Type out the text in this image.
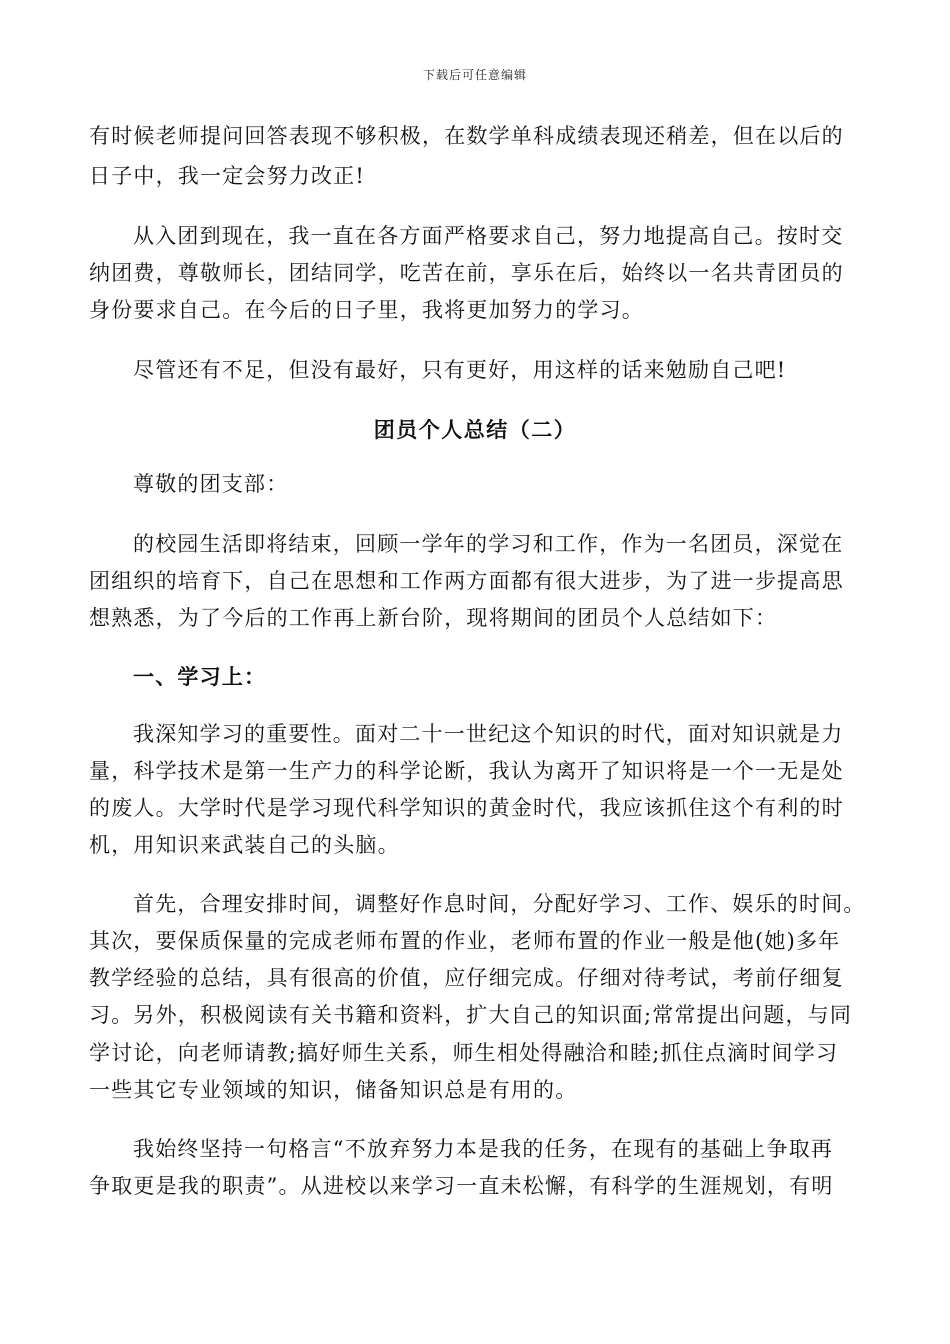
下载后可任意编辑
有时候老师提问回答表现不够积极，在数学单科成绩表现还稍差，但在以后的
日子中，我一定会努力改正!
从入团到现在，我一直在各方面严格要求自己，努力地提高自己。按时交
纳团费，尊敬师长，团结同学，吃苦在前，享乐在后，始终以一名共青团员的
身份要求自己。在今后的日子里，我将更加努力的学习。
尽管还有不足，但没有最好，只有更好，用这样的话来勉励自己吧!
团员个人总结（二）
尊敬的团支部：
的校园生活即将结束，回顾一学年的学习和工作，作为一名团员，深觉在
团组织的培育下，自己在思想和工作两方面都有很大进步，为了进一步提高思
想熟悉，为了今后的工作再上新台阶，现将期间的团员个人总结如下：
一、学习上：
我深知学习的重要性。面对二十一世纪这个知识的时代，面对知识就是力
量，科学技术是第一生产力的科学论断，我认为离开了知识将是一个一无是处
的废人。大学时代是学习现代科学知识的黄金时代，我应该抓住这个有利的时
机，用知识来武装自己的头脑。
首先，合理安排时间，调整好作息时间，分配好学习、工作、娱乐的时间。
其次，要保质保量的完成老师布置的作业，老师布置的作业一般是他(她)多年
教学经验的总结，具有很高的价值，应仔细完成。仔细对待考试，考前仔细复
习。另外，积极阅读有关书籍和资料，扩大自己的知识面;常常提出问题，与同
学讨论，向老师请教;搞好师生关系，师生相处得融洽和睦;抓住点滴时间学习
一些其它专业领域的知识，储备知识总是有用的。
我始终坚持一句格言“不放弃努力本是我的任务，在现有的基础上争取再
争取更是我的职责”。从进校以来学习一直未松懈，有科学的生涯规划，有明
